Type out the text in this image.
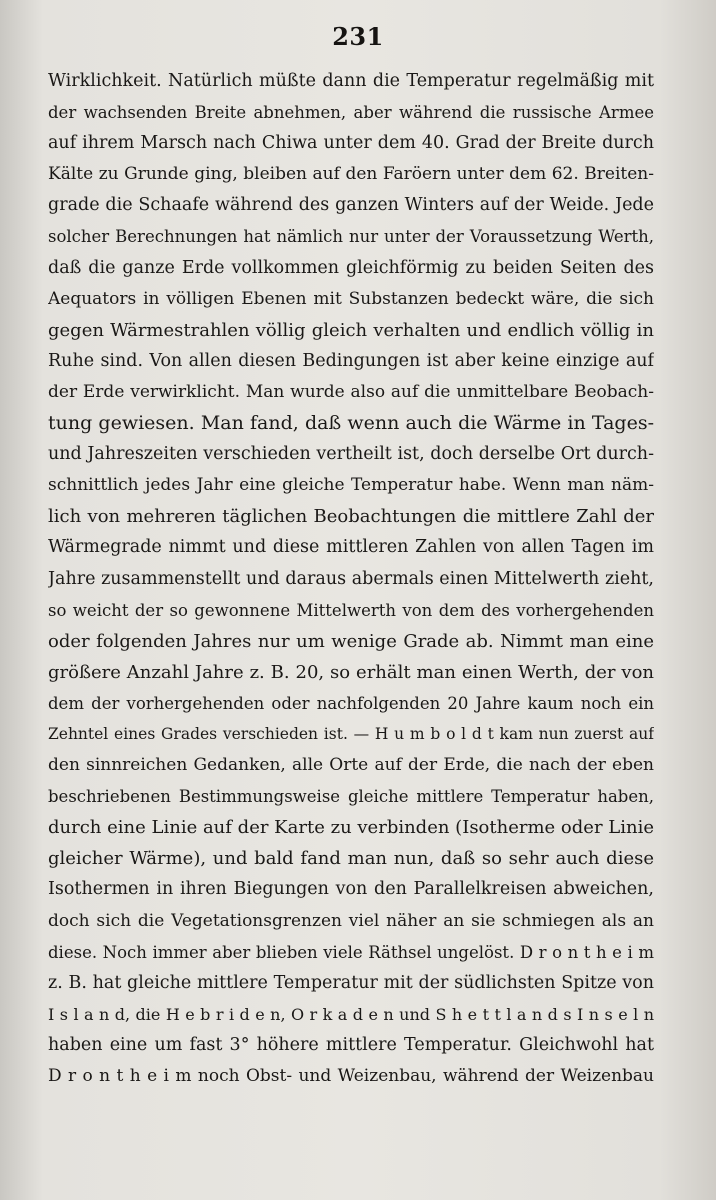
231
Wirklichkeit. Natürlich müßte dann die Temperatur regelmäßig mit
der wachsenden Breite abnehmen, aber während die russische Armee
auf ihrem Marsch nach Chiwa unter dem 40. Grad der Breite durch
Kälte zu Grunde ging, bleiben auf den Faröern unter dem 62. Breiten-
grade die Schaafe während des ganzen Winters auf der Weide. Jede
solcher Berechnungen hat nämlich nur unter der Voraussetzung Werth,
daß die ganze Erde vollkommen gleichförmig zu beiden Seiten des
Aequators in völligen Ebenen mit Substanzen bedeckt wäre, die sich
gegen Wärmestrahlen völlig gleich verhalten und endlich völlig in
Ruhe sind. Von allen diesen Bedingungen ist aber keine einzige auf
der Erde verwirklicht. Man wurde also auf die unmittelbare Beobach-
tung gewiesen. Man fand, daß wenn auch die Wärme in Tages-
und Jahreszeiten verschieden vertheilt ist, doch derselbe Ort durch-
schnittlich jedes Jahr eine gleiche Temperatur habe. Wenn man näm-
lich von mehreren täglichen Beobachtungen die mittlere Zahl der
Wärmegrade nimmt und diese mittleren Zahlen von allen Tagen im
Jahre zusammenstellt und daraus abermals einen Mittelwerth zieht,
so weicht der so gewonnene Mittelwerth von dem des vorhergehenden
oder folgenden Jahres nur um wenige Grade ab. Nimmt man eine
größere Anzahl Jahre z. B. 20, so erhält man einen Werth, der von
dem der vorhergehenden oder nachfolgenden 20 Jahre kaum noch ein
Zehntel eines Grades verschieden ist. — H u m b o l d t kam nun zuerst auf
den sinnreichen Gedanken, alle Orte auf der Erde, die nach der eben
beschriebenen Bestimmungsweise gleiche mittlere Temperatur haben,
durch eine Linie auf der Karte zu verbinden (Isotherme oder Linie
gleicher Wärme), und bald fand man nun, daß so sehr auch diese
Isothermen in ihren Biegungen von den Parallelkreisen abweichen,
doch sich die Vegetationsgrenzen viel näher an sie schmiegen als an
diese. Noch immer aber blieben viele Räthsel ungelöst. D r o n t h e i m
z. B. hat gleiche mittlere Temperatur mit der südlichsten Spitze von
I s l a n d, die H e b r i d e n, O r k a d e n und S h e t t l a n d s I n s e l n
haben eine um fast 3° höhere mittlere Temperatur. Gleichwohl hat
D r o n t h e i m noch Obst- und Weizenbau, während der Weizenbau
